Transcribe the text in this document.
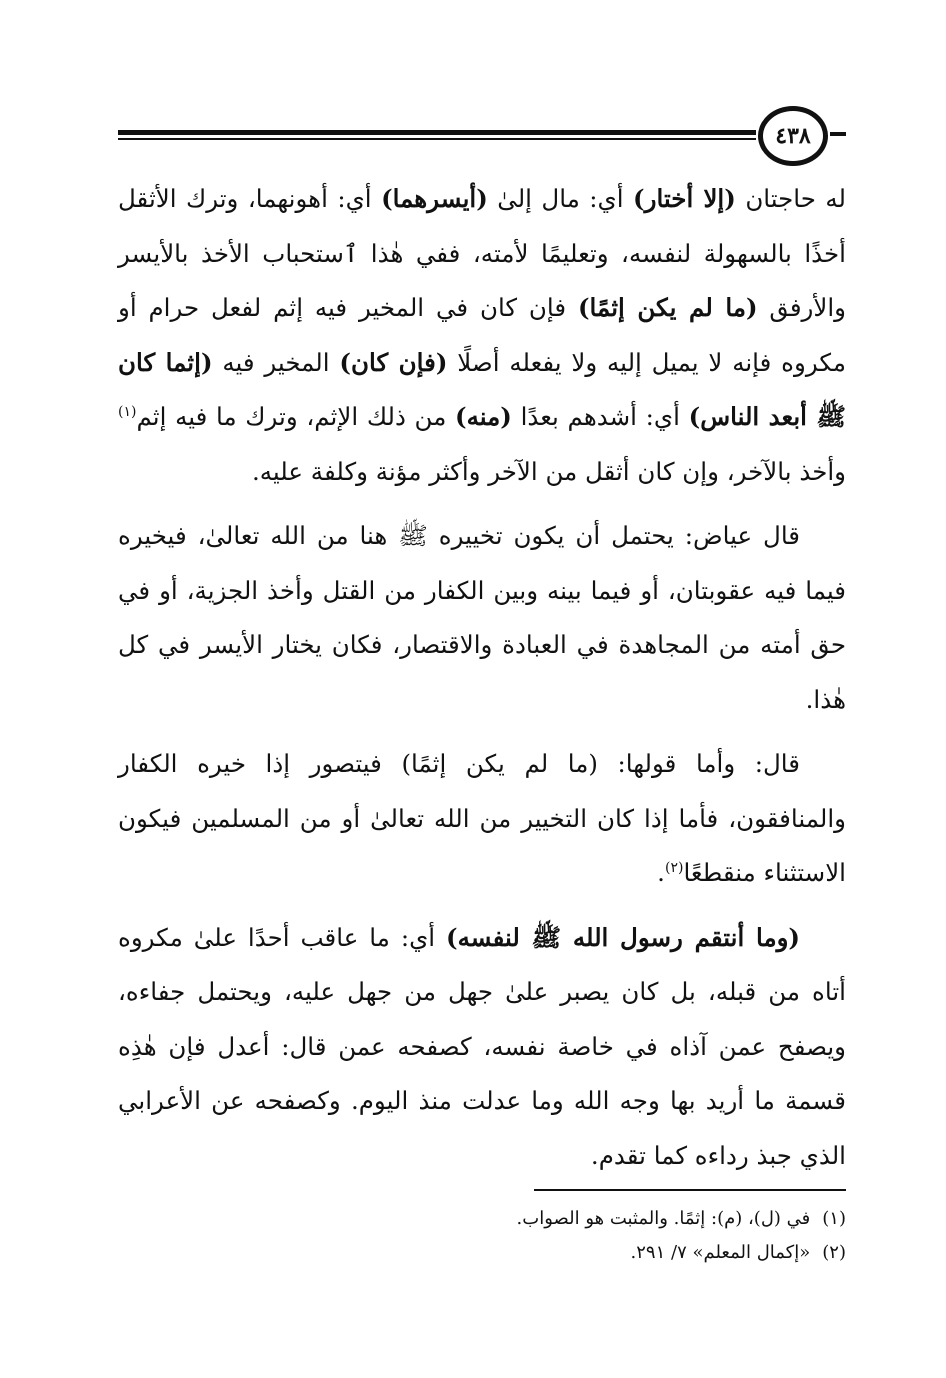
٤٣٨

له حاجتان (إلا أختار) أي: مال إلىٰ (أيسرهما) أي: أهونهما، وترك الأثقل أخذًا بالسهولة لنفسه، وتعليمًا لأمته، ففي هٰذا ٱستحباب الأخذ بالأيسر والأرفق (ما لم يكن إثمًا) فإن كان في المخير فيه إثم لفعل حرام أو مكروه فإنه لا يميل إليه ولا يفعله أصلًا (فإن كان) المخير فيه (إثما كان ﷺ أبعد الناس) أي: أشدهم بعدًا (منه) من ذلك الإثم، وترك ما فيه إثم$^{(١)}$ وأخذ بالآخر، وإن كان أثقل من الآخر وأكثر مؤنة وكلفة عليه.

قال عياض: يحتمل أن يكون تخييره ﷺ هنا من الله تعالىٰ، فيخيره فيما فيه عقوبتان، أو فيما بينه وبين الكفار من القتل وأخذ الجزية، أو في حق أمته من المجاهدة في العبادة والاقتصار، فكان يختار الأيسر في كل هٰذا.

قال: وأما قولها: (ما لم يكن إثمًا) فيتصور إذا خيره الكفار والمنافقون، فأما إذا كان التخيير من الله تعالىٰ أو من المسلمين فيكون الاستثناء منقطعًا$^{(٢)}$.

(وما أنتقم رسول الله ﷺ لنفسه) أي: ما عاقب أحدًا علىٰ مكروه أتاه من قبله، بل كان يصبر علىٰ جهل من جهل عليه، ويحتمل جفاءه، ويصفح عمن آذاه في خاصة نفسه، كصفحه عمن قال: أعدل فإن هٰذِه قسمة ما أريد بها وجه الله وما عدلت منذ اليوم. وكصفحه عن الأعرابي الذي جبذ رداءه كما تقدم.

(١)
في (ل)، (م): إثمًا. والمثبت هو الصواب.
(٢)
«إكمال المعلم» ٧/ ٢٩١.
